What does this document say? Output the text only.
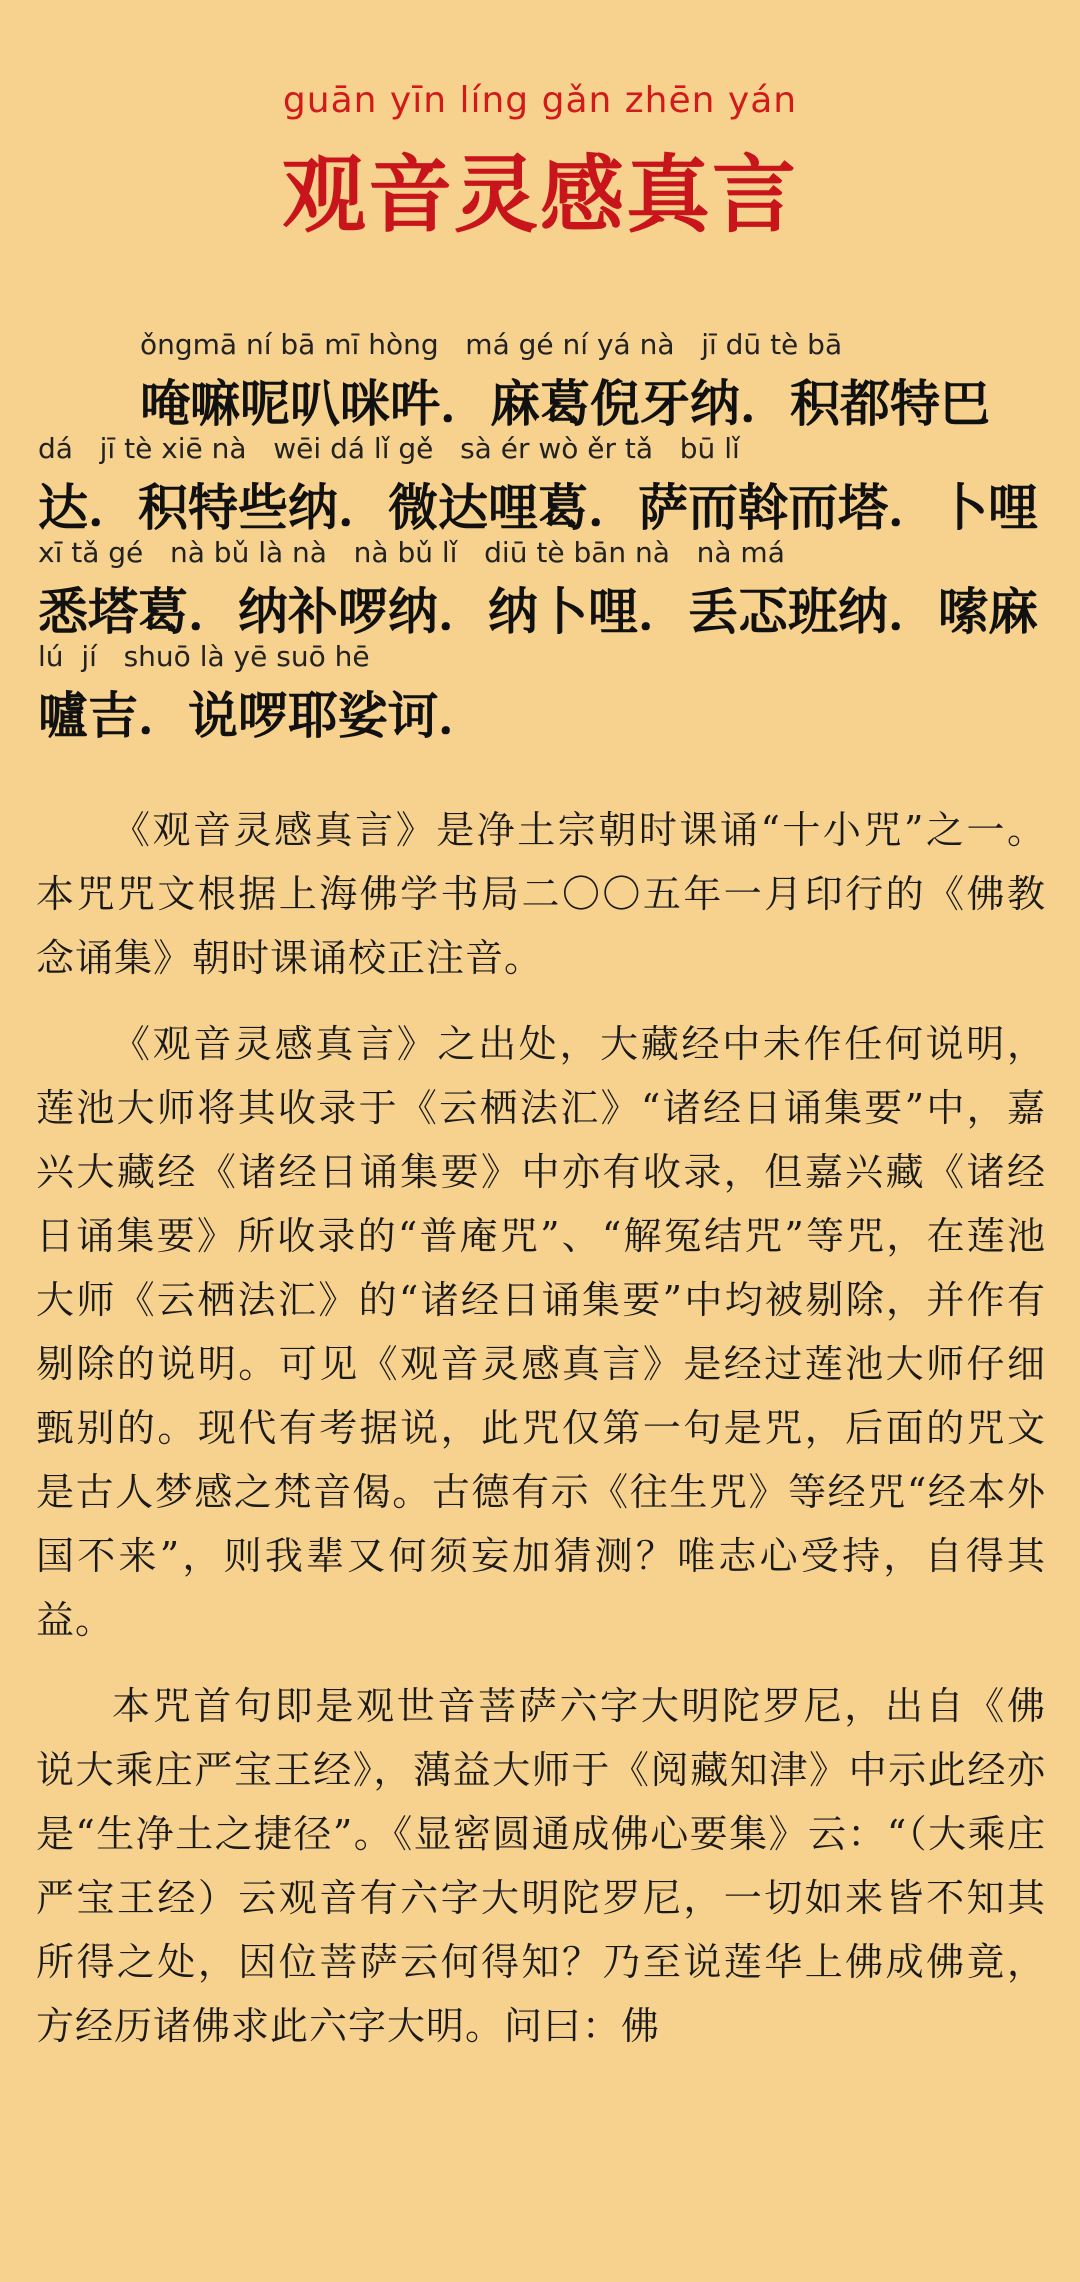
guān yīn líng gǎn zhēn yán
观音灵感真言
ǒngmā ní bā mī hòng   má gé ní yá nà   jī dū tè bā
唵嘛呢叭咪吽．麻葛倪牙纳．积都特巴
dá   jī tè xiē nà   wēi dá lǐ gě   sà ér wò ěr tǎ   bū lǐ
达．积特些纳．微达哩葛．萨而斡而塔．卜哩
xī tǎ gé   nà bǔ là nà   nà bǔ lǐ   diū tè bān nà   nà má
悉塔葛．纳补啰纳．纳卜哩．丢忑班纳．嗦麻
lú  jí   shuō là yē suō hē
嚧吉．说啰耶娑诃．

《观音灵感真言》是净土宗朝时课诵“十小咒”之一。本咒咒文根据上海佛学书局二〇〇五年一月印行的《佛教念诵集》朝时课诵校正注音。

《观音灵感真言》之出处，大藏经中未作任何说明，莲池大师将其收录于《云栖法汇》“诸经日诵集要”中，嘉兴大藏经《诸经日诵集要》中亦有收录，但嘉兴藏《诸经日诵集要》所收录的“普庵咒”、“解冤结咒”等咒，在莲池大师《云栖法汇》的“诸经日诵集要”中均被剔除，并作有剔除的说明。可见《观音灵感真言》是经过莲池大师仔细甄别的。现代有考据说，此咒仅第一句是咒，后面的咒文是古人梦感之梵音偈。古德有示《往生咒》等经咒“经本外国不来”，则我辈又何须妄加猜测？唯志心受持，自得其益。

本咒首句即是观世音菩萨六字大明陀罗尼，出自《佛说大乘庄严宝王经》，蕅益大师于《阅藏知津》中示此经亦是“生净土之捷径”。《显密圆通成佛心要集》云：“（大乘庄严宝王经）云观音有六字大明陀罗尼，一切如来皆不知其所得之处，因位菩萨云何得知？乃至说莲华上佛成佛竟，方经历诸佛求此六字大明。问曰：佛
